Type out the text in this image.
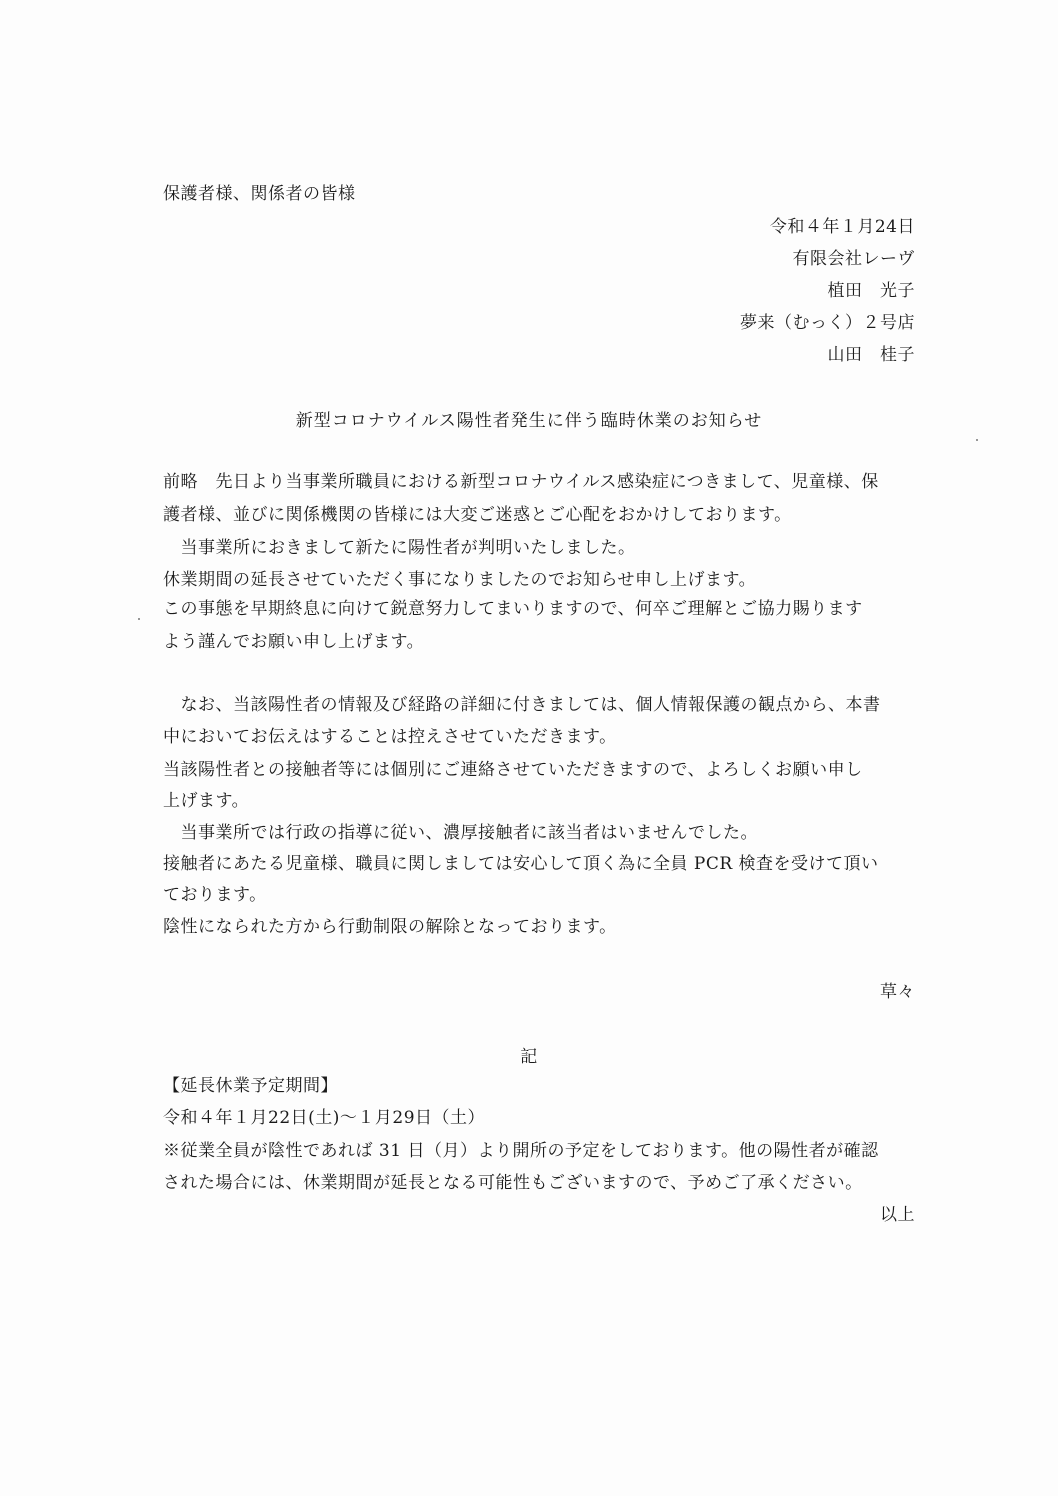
保護者様、関係者の皆様
令和４年１月24日
有限会社レーヴ
植田　光子
夢来（むっく）２号店
山田　桂子
新型コロナウイルス陽性者発生に伴う臨時休業のお知らせ
前略　先日より当事業所職員における新型コロナウイルス感染症につきまして、児童様、保
護者様、並びに関係機関の皆様には大変ご迷惑とご心配をおかけしております。
　当事業所におきまして新たに陽性者が判明いたしました。
休業期間の延長させていただく事になりましたのでお知らせ申し上げます。
この事態を早期終息に向けて鋭意努力してまいりますので、何卒ご理解とご協力賜ります
よう謹んでお願い申し上げます。
　なお、当該陽性者の情報及び経路の詳細に付きましては、個人情報保護の観点から、本書
中においてお伝えはすることは控えさせていただきます。
当該陽性者との接触者等には個別にご連絡させていただきますので、よろしくお願い申し
上げます。
　当事業所では行政の指導に従い、濃厚接触者に該当者はいませんでした。
接触者にあたる児童様、職員に関しましては安心して頂く為に全員 PCR 検査を受けて頂い
ております。
陰性になられた方から行動制限の解除となっております。
草々
記
【延長休業予定期間】
令和４年１月22日(土)～１月29日（土）
※従業全員が陰性であれば 31 日（月）より開所の予定をしております。他の陽性者が確認
された場合には、休業期間が延長となる可能性もございますので、予めご了承ください。
以上
